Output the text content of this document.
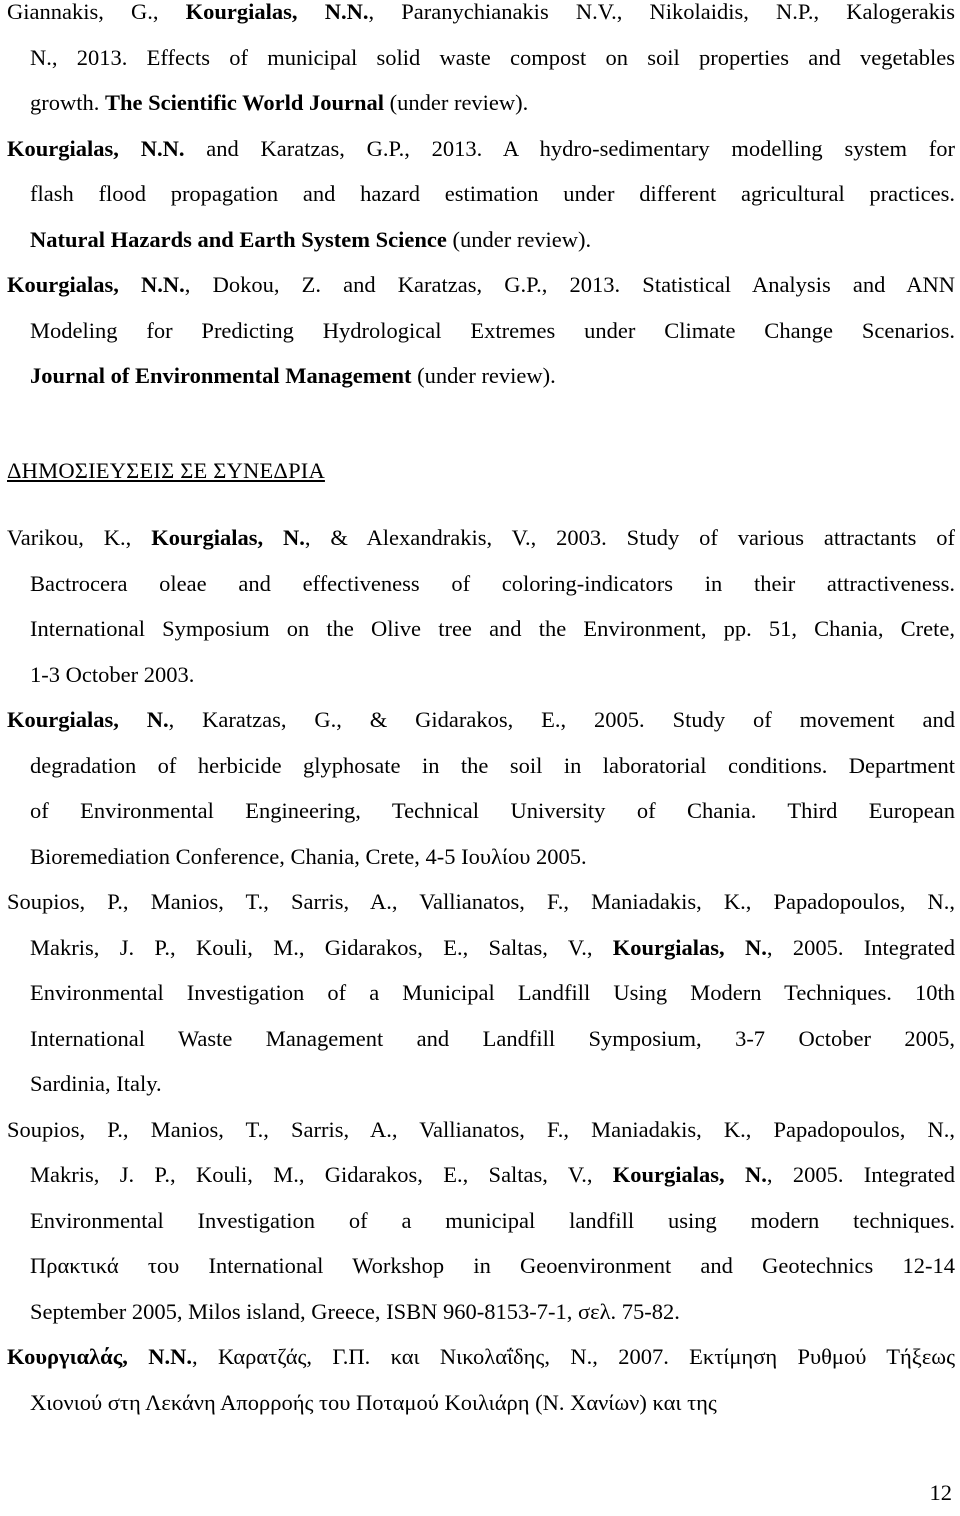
Giannakis, G., Kourgialas, N.N., Paranychianakis N.V., Nikolaidis, N.P., Kalogerakis
N., 2013. Effects of municipal solid waste compost on soil properties and vegetables
growth. The Scientific World Journal (under review).
Kourgialas, N.N. and Karatzas, G.P., 2013. A hydro-sedimentary modelling system for
flash flood propagation and hazard estimation under different agricultural practices.
Natural Hazards and Earth System Science (under review).
Kourgialas, N.N., Dokou, Z. and Karatzas, G.P., 2013. Statistical Analysis and ANN
Modeling for Predicting Hydrological Extremes under Climate Change Scenarios.
Journal of Environmental Management (under review).
ΔΗΜΟΣΙΕΥΣΕΙΣ ΣΕ ΣΥΝΕΔΡΙΑ
Varikou, K., Kourgialas, N., & Alexandrakis, V., 2003. Study of various attractants of
Bactrocera oleae and effectiveness of coloring-indicators in their attractiveness.
International Symposium on the Olive tree and the Environment, pp. 51, Chania, Crete,
1-3 October 2003.
Kourgialas, N., Karatzas, G., & Gidarakos, E., 2005. Study of movement and
degradation of herbicide glyphosate in the soil in laboratorial conditions. Department
of Environmental Engineering, Technical University of Chania. Third European
Bioremediation Conference, Chania, Crete, 4-5 Ιουλίου 2005.
Soupios, P., Manios, T., Sarris, A., Vallianatos, F., Maniadakis, K., Papadopoulos, N.,
Makris, J. P., Kouli, M., Gidarakos, E., Saltas, V., Kourgialas, N., 2005. Integrated
Environmental Investigation of a Municipal Landfill Using Modern Techniques. 10th
International Waste Management and Landfill Symposium, 3-7 October 2005,
Sardinia, Italy.
Soupios, P., Manios, T., Sarris, A., Vallianatos, F., Maniadakis, K., Papadopoulos, N.,
Makris, J. P., Kouli, M., Gidarakos, E., Saltas, V., Kourgialas, N., 2005. Integrated
Environmental Investigation of a municipal landfill using modern techniques.
Πρακτικά του International Workshop in Geoenvironment and Geotechnics 12-14
September 2005, Milos island, Greece, ISBN 960-8153-7-1, σελ. 75-82.
Κουργιαλάς, Ν.Ν., Καρατζάς, Γ.Π. και Νικολαΐδης, Ν., 2007. Εκτίμηση Ρυθμού Τήξεως
Χιονιού στη Λεκάνη Απορροής του Ποταμού Κοιλιάρη (Ν. Χανίων) και της
12
